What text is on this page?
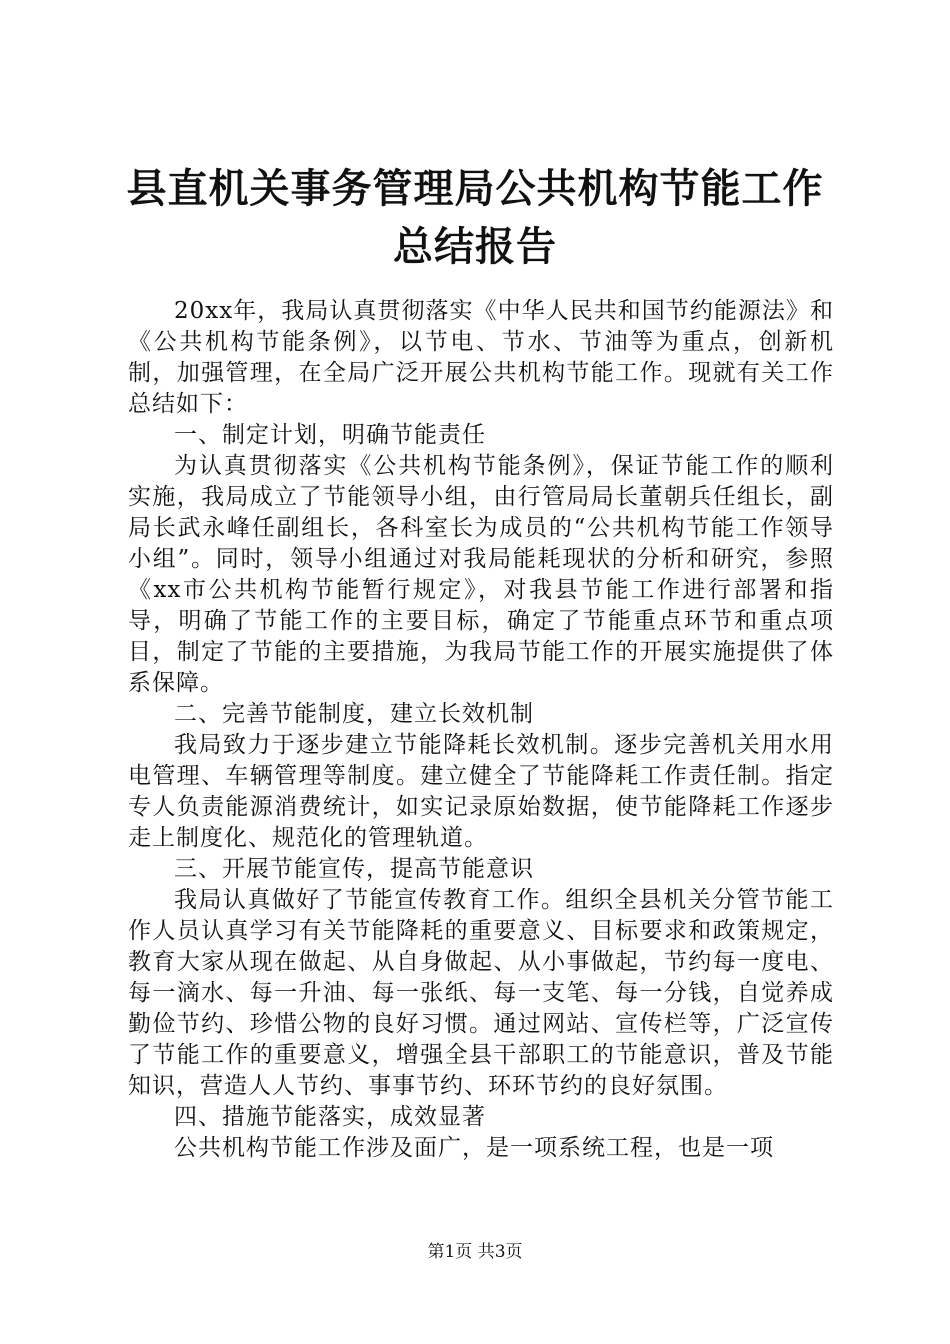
县直机关事务管理局公共机构节能工作总结报告

20xx年，我局认真贯彻落实《中华人民共和国节约能源法》和《公共机构节能条例》，以节电、节水、节油等为重点，创新机制，加强管理，在全局广泛开展公共机构节能工作。现就有关工作总结如下：

一、制定计划，明确节能责任

为认真贯彻落实《公共机构节能条例》，保证节能工作的顺利实施，我局成立了节能领导小组，由行管局局长董朝兵任组长，副局长武永峰任副组长，各科室长为成员的“公共机构节能工作领导小组”。同时，领导小组通过对我局能耗现状的分析和研究，参照《xx市公共机构节能暂行规定》，对我县节能工作进行部署和指导，明确了节能工作的主要目标，确定了节能重点环节和重点项目，制定了节能的主要措施，为我局节能工作的开展实施提供了体系保障。

二、完善节能制度，建立长效机制

我局致力于逐步建立节能降耗长效机制。逐步完善机关用水用电管理、车辆管理等制度。建立健全了节能降耗工作责任制。指定专人负责能源消费统计，如实记录原始数据，使节能降耗工作逐步走上制度化、规范化的管理轨道。

三、开展节能宣传，提高节能意识

我局认真做好了节能宣传教育工作。组织全县机关分管节能工作人员认真学习有关节能降耗的重要意义、目标要求和政策规定，教育大家从现在做起、从自身做起、从小事做起，节约每一度电、每一滴水、每一升油、每一张纸、每一支笔、每一分钱，自觉养成勤俭节约、珍惜公物的良好习惯。通过网站、宣传栏等，广泛宣传了节能工作的重要意义，增强全县干部职工的节能意识，普及节能知识，营造人人节约、事事节约、环环节约的良好氛围。

四、措施节能落实，成效显著

公共机构节能工作涉及面广，是一项系统工程，也是一项

第1页 共3页
